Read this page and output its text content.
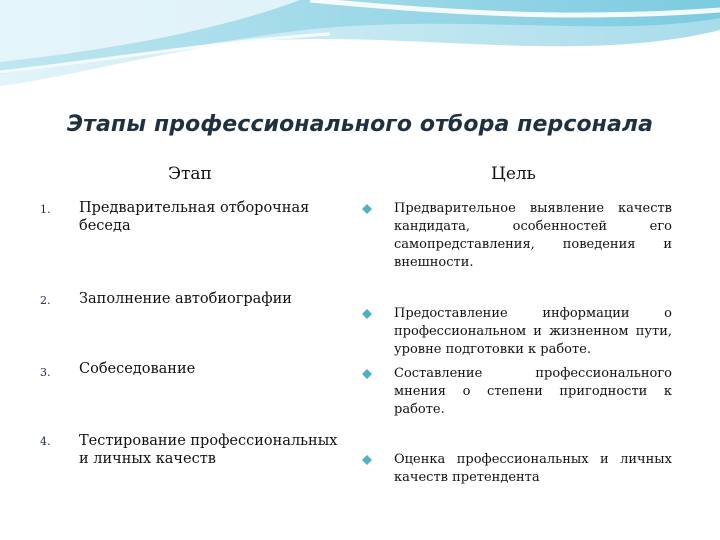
Этапы профессионального отбора персонала
Этап	Цель
1. Предварительная отборочная беседа
2. Заполнение автобиографии
3. Собеседование
4. Тестирование профессиональных и личных качеств
Предварительное выявление качеств кандидата, особенностей его самопредставления, поведения и внешности.
Предоставление информации о профессиональном и жизненном пути, уровне подготовки к работе.
Составление профессионального мнения о степени пригодности к работе.
Оценка профессиональных и личных качеств претендента
